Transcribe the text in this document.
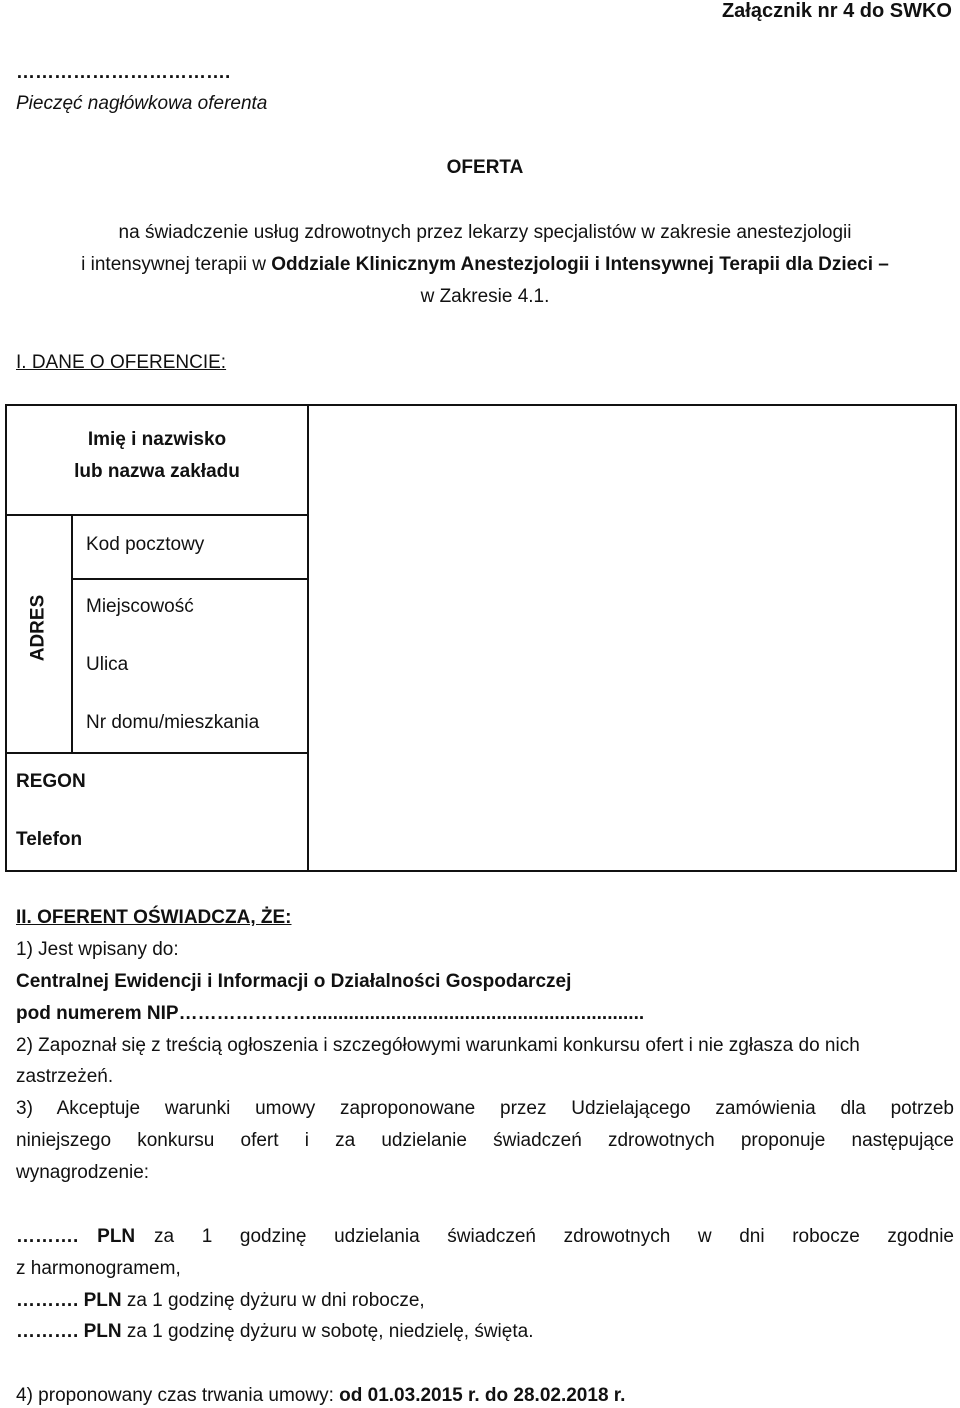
Załącznik nr 4 do SWKO
…………………………….
Pieczęć nagłówkowa oferenta
OFERTA
na świadczenie usług zdrowotnych przez lekarzy specjalistów w zakresie anestezjologii
i intensywnej terapii w Oddziale Klinicznym Anestezjologii i Intensywnej Terapii dla Dzieci –
w Zakresie 4.1.
I. DANE O OFERENCIE:
Imię i nazwisko
lub nazwa zakładu
ADRES
Kod pocztowy
Miejscowość
Ulica
Nr domu/mieszkania
REGON
Telefon
II. OFERENT OŚWIADCZA, ŻE:
1) Jest wpisany do:
Centralnej Ewidencji i Informacji o Działalności Gospodarczej
pod numerem NIP…………………...............................................................
2) Zapoznał się z treścią ogłoszenia i szczegółowymi warunkami konkursu ofert i nie zgłasza do nich
zastrzeżeń.
3) Akceptuje warunki umowy zaproponowane przez Udzielającego zamówienia dla potrzeb
niniejszego konkursu ofert i za udzielanie świadczeń zdrowotnych proponuje następujące
wynagrodzenie:
………. PLN za 1 godzinę udzielania świadczeń zdrowotnych w dni robocze zgodnie
z harmonogramem,
………. PLN za 1 godzinę dyżuru w dni robocze,
………. PLN za 1 godzinę dyżuru w sobotę, niedzielę, święta.
4) proponowany czas trwania umowy: od 01.03.2015 r. do 28.02.2018 r.
